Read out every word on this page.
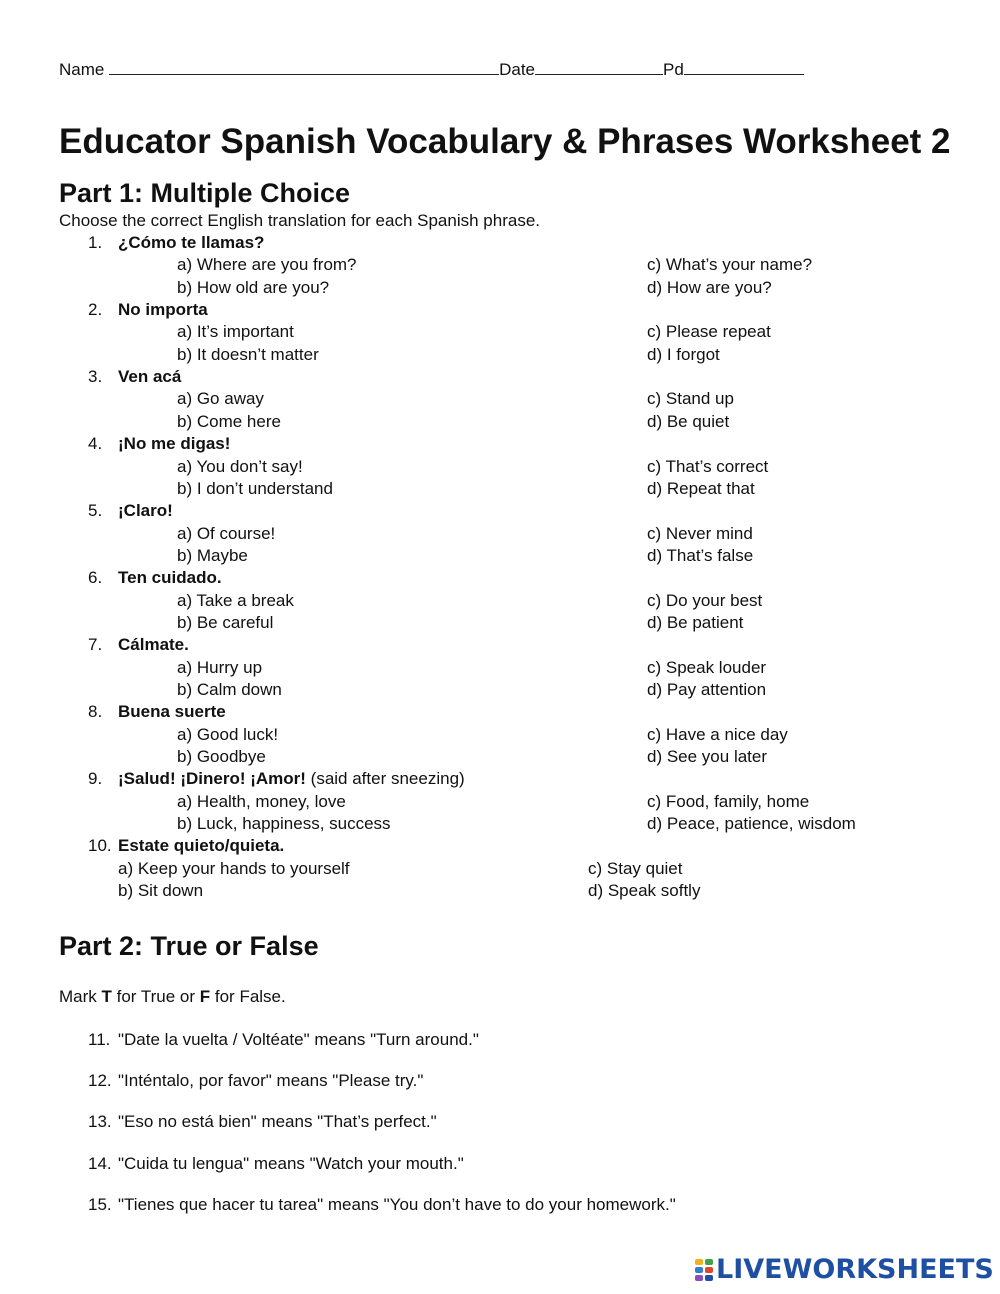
Name	Date	Pd
Educator Spanish Vocabulary & Phrases Worksheet 2
Part 1: Multiple Choice
Choose the correct English translation for each Spanish phrase.
1. ¿Cómo te llamas?
a) Where are you from?
b) How old are you?
c) What’s your name?
d) How are you?
2. No importa
a) It’s important
b) It doesn’t matter
c) Please repeat
d) I forgot
3. Ven acá
a) Go away
b) Come here
c) Stand up
d) Be quiet
4. ¡No me digas!
a) You don’t say!
b) I don’t understand
c) That’s correct
d) Repeat that
5. ¡Claro!
a) Of course!
b) Maybe
c) Never mind
d) That’s false
6. Ten cuidado.
a) Take a break
b) Be careful
c) Do your best
d) Be patient
7. Cálmate.
a) Hurry up
b) Calm down
c) Speak louder
d) Pay attention
8. Buena suerte
a) Good luck!
b) Goodbye
c) Have a nice day
d) See you later
9. ¡Salud! ¡Dinero! ¡Amor! (said after sneezing)
a) Health, money, love
b) Luck, happiness, success
c) Food, family, home
d) Peace, patience, wisdom
10. Estate quieto/quieta.
a) Keep your hands to yourself
b) Sit down
c) Stay quiet
d) Speak softly
Part 2: True or False
Mark T for True or F for False.
11. "Date la vuelta / Voltéate" means "Turn around."
12. "Inténtalo, por favor" means "Please try."
13. "Eso no está bien" means "That’s perfect."
14. "Cuida tu lengua" means "Watch your mouth."
15. "Tienes que hacer tu tarea" means "You don’t have to do your homework."
LIVEWORKSHEETS
